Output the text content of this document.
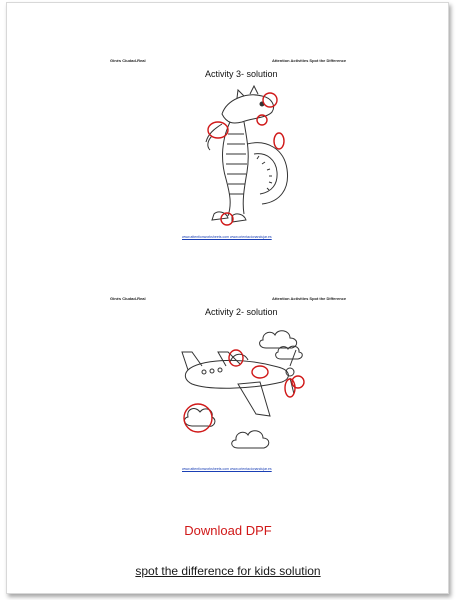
Ginés Ciudad-Real	Attention Activities Spot the Difference
Activity 3- solution
www.attentionworksheets.com www.orientacionandujar.es
Ginés Ciudad-Real	Attention Activities Spot the Difference
Activity 2- solution
www.attentionworksheets.com www.orientacionandujar.es
Download DPF
spot the difference for kids solution
